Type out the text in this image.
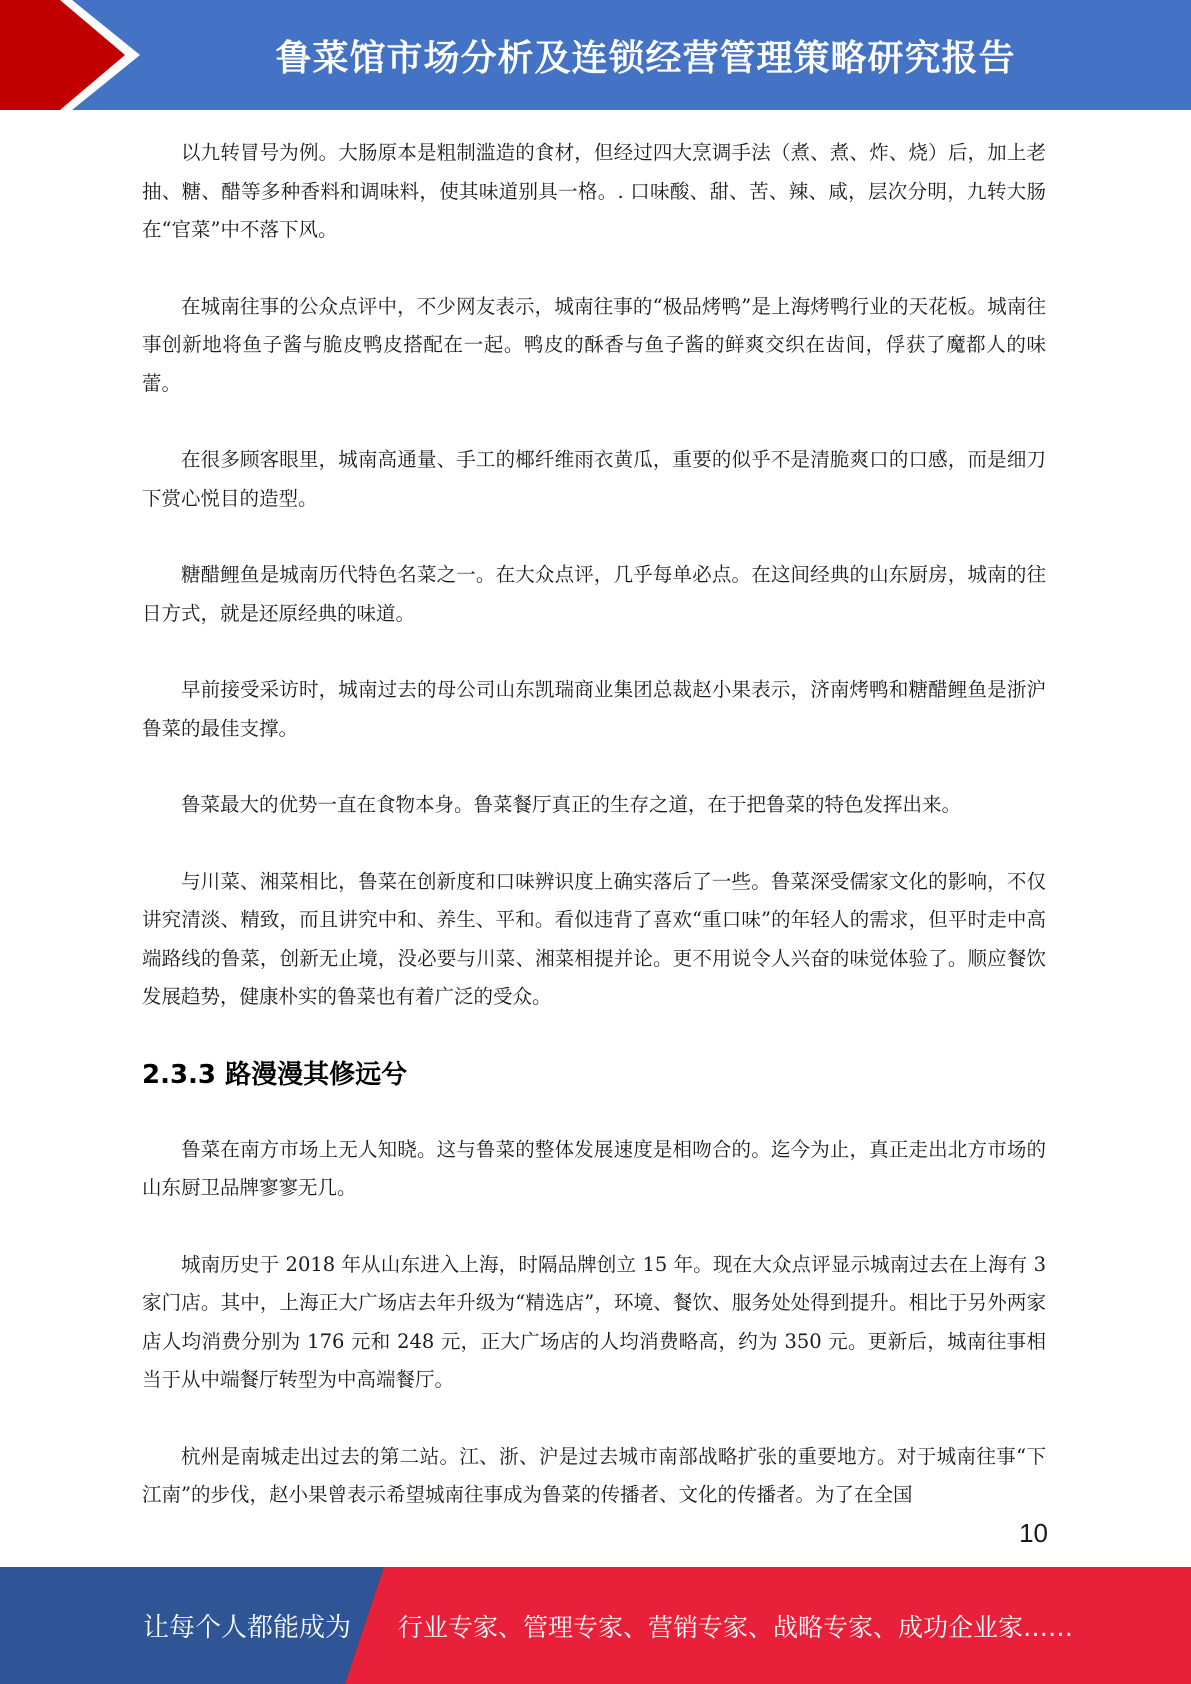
鲁菜馆市场分析及连锁经营管理策略研究报告

以九转冒号为例。大肠原本是粗制滥造的食材，但经过四大烹调手法（煮、煮、炸、烧）后，加上老抽、糖、醋等多种香料和调味料，使其味道别具一格。. 口味酸、甜、苦、辣、咸，层次分明，九转大肠在“官菜”中不落下风。

在城南往事的公众点评中，不少网友表示，城南往事的“极品烤鸭”是上海烤鸭行业的天花板。城南往事创新地将鱼子酱与脆皮鸭皮搭配在一起。鸭皮的酥香与鱼子酱的鲜爽交织在齿间，俘获了魔都人的味蕾。

在很多顾客眼里，城南高通量、手工的椰纤维雨衣黄瓜，重要的似乎不是清脆爽口的口感，而是细刀下赏心悦目的造型。

糖醋鲤鱼是城南历代特色名菜之一。在大众点评，几乎每单必点。在这间经典的山东厨房，城南的往日方式，就是还原经典的味道。

早前接受采访时，城南过去的母公司山东凯瑞商业集团总裁赵小果表示，济南烤鸭和糖醋鲤鱼是浙沪鲁菜的最佳支撑。

鲁菜最大的优势一直在食物本身。鲁菜餐厅真正的生存之道，在于把鲁菜的特色发挥出来。

与川菜、湘菜相比，鲁菜在创新度和口味辨识度上确实落后了一些。鲁菜深受儒家文化的影响，不仅讲究清淡、精致，而且讲究中和、养生、平和。看似违背了喜欢“重口味”的年轻人的需求，但平时走中高端路线的鲁菜，创新无止境，没必要与川菜、湘菜相提并论。更不用说令人兴奋的味觉体验了。顺应餐饮发展趋势，健康朴实的鲁菜也有着广泛的受众。

2.3.3 路漫漫其修远兮

鲁菜在南方市场上无人知晓。这与鲁菜的整体发展速度是相吻合的。迄今为止，真正走出北方市场的山东厨卫品牌寥寥无几。

城南历史于 2018 年从山东进入上海，时隔品牌创立 15 年。现在大众点评显示城南过去在上海有 3 家门店。其中，上海正大广场店去年升级为“精选店”，环境、餐饮、服务处处得到提升。相比于另外两家店人均消费分别为 176 元和 248 元，正大广场店的人均消费略高，约为 350 元。更新后，城南往事相当于从中端餐厅转型为中高端餐厅。

杭州是南城走出过去的第二站。江、浙、沪是过去城市南部战略扩张的重要地方。对于城南往事“下江南”的步伐，赵小果曾表示希望城南往事成为鲁菜的传播者、文化的传播者。为了在全国

10
让每个人都能成为 行业专家、管理专家、营销专家、战略专家、成功企业家……
